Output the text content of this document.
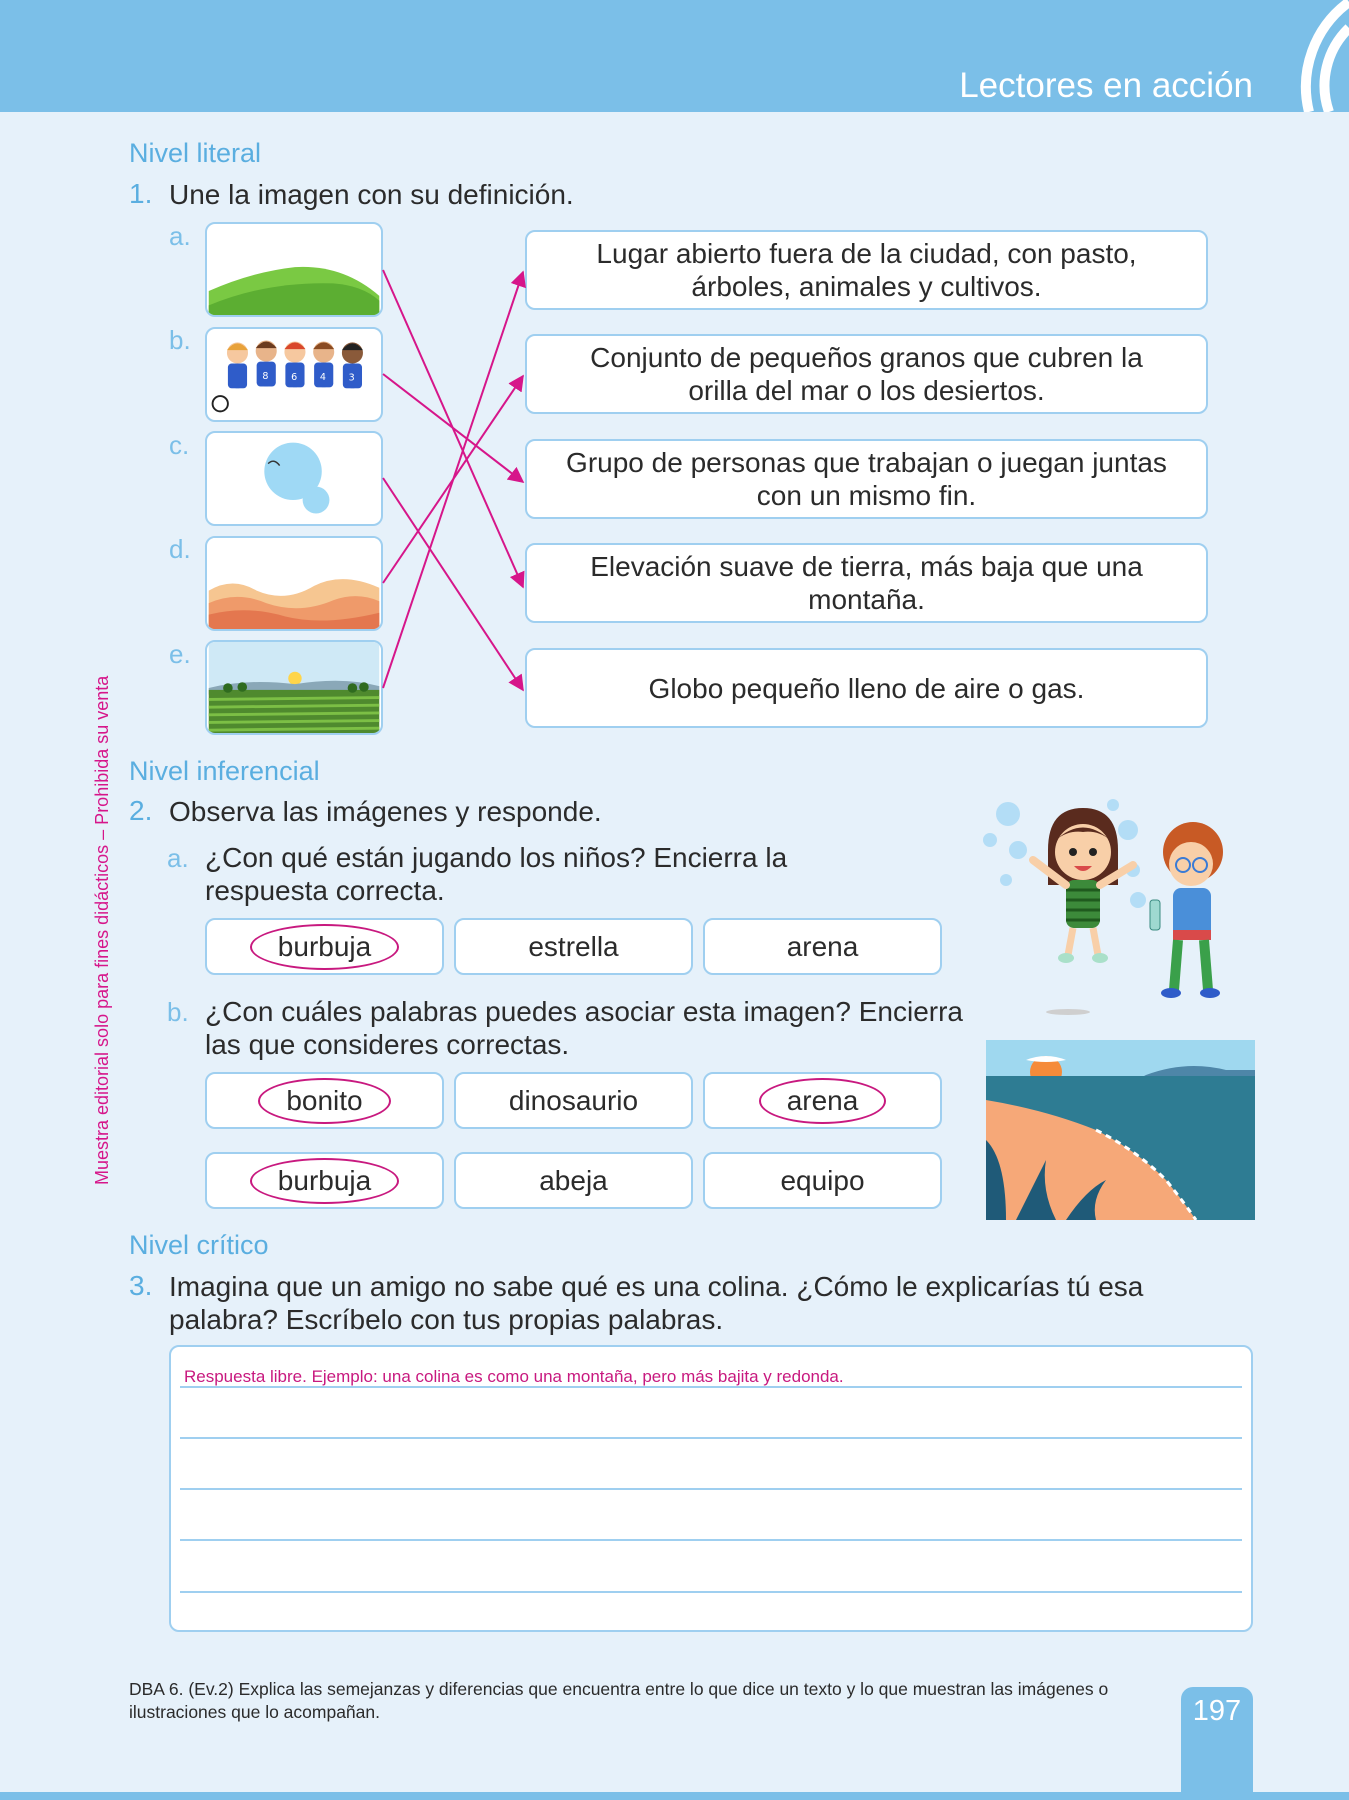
Lectores en acción
Muestra editorial solo para fines didácticos – Prohibida su venta
Nivel literal
1. Une la imagen con su definición.
a.
b.
c.
d.
e.
8 6 4 3
Lugar abierto fuera de la ciudad, con pasto, árboles, animales y cultivos.
Conjunto de pequeños granos que cubren la orilla del mar o los desiertos.
Grupo de personas que trabajan o juegan juntas con un mismo fin.
Elevación suave de tierra, más baja que una montaña.
Globo pequeño lleno de aire o gas.
Nivel inferencial
2. Observa las imágenes y responde.
a. ¿Con qué están jugando los niños? Encierra la respuesta correcta.
burbuja	estrella	arena
b. ¿Con cuáles palabras puedes asociar esta imagen? Encierra las que consideres correctas.
bonito	dinosaurio	arena
burbuja	abeja	equipo
Nivel crítico
3. Imagina que un amigo no sabe qué es una colina. ¿Cómo le explicarías tú esa palabra? Escríbelo con tus propias palabras.
Respuesta libre. Ejemplo: una colina es como una montaña, pero más bajita y redonda.
DBA 6. (Ev.2) Explica las semejanzas y diferencias que encuentra entre lo que dice un texto y lo que muestran las imágenes o ilustraciones que lo acompañan.	197
